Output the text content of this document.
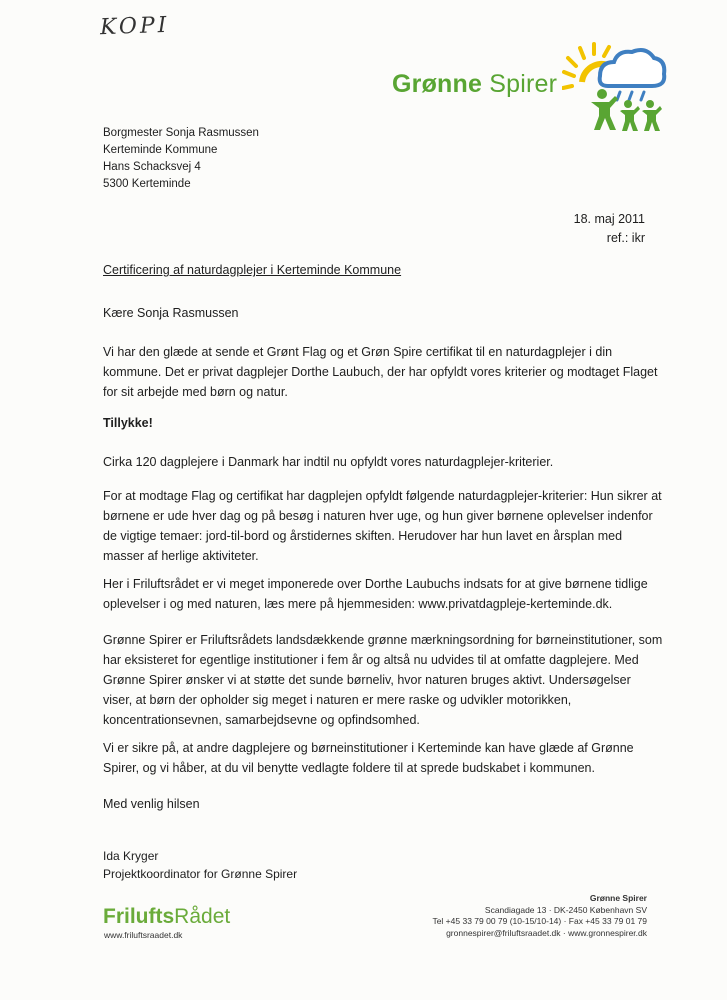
KOPI
Grønne Spirer
Borgmester Sonja Rasmussen
Kerteminde Kommune
Hans Schacksvej 4
5300 Kerteminde
18. maj 2011
ref.: ikr
Certificering af naturdagplejer i Kerteminde Kommune
Kære Sonja Rasmussen
Vi har den glæde at sende et Grønt Flag og et Grøn Spire certifikat til en naturdagplejer i din kommune. Det er privat dagplejer Dorthe Laubuch, der har opfyldt vores kriterier og modtaget Flaget for sit arbejde med børn og natur.
Tillykke!
Cirka 120 dagplejere i Danmark har indtil nu opfyldt vores naturdagplejer-kriterier.
For at modtage Flag og certifikat har dagplejen opfyldt følgende naturdagplejer-kriterier: Hun sikrer at børnene er ude hver dag og på besøg i naturen hver uge, og hun giver børnene oplevelser indenfor de vigtige temaer: jord-til-bord og årstidernes skiften. Herudover har hun lavet en årsplan med masser af herlige aktiviteter.
Her i Friluftsrådet er vi meget imponerede over Dorthe Laubuchs indsats for at give børnene tidlige oplevelser i og med naturen, læs mere på hjemmesiden: www.privatdagpleje-kerteminde.dk.
Grønne Spirer er Friluftsrådets landsdækkende grønne mærkningsordning for børneinstitutioner, som har eksisteret for egentlige institutioner i fem år og altså nu udvides til at omfatte dagplejere. Med Grønne Spirer ønsker vi at støtte det sunde børneliv, hvor naturen bruges aktivt. Undersøgelser viser, at børn der opholder sig meget i naturen er mere raske og udvikler motorikken, koncentrationsevnen, samarbejdsevne og opfindsomhed.
Vi er sikre på, at andre dagplejere og børneinstitutioner i Kerteminde kan have glæde af Grønne Spirer, og vi håber, at du vil benytte vedlagte foldere til at sprede budskabet i kommunen.
Med venlig hilsen
Ida Kryger
Projektkoordinator for Grønne Spirer
FriluftsRådet
www.friluftsraadet.dk
Grønne Spirer
Scandiagade 13 · DK-2450 København SV
Tel +45 33 79 00 79 (10-15/10-14) · Fax +45 33 79 01 79
gronnespirer@friluftsraadet.dk · www.gronnespirer.dk
